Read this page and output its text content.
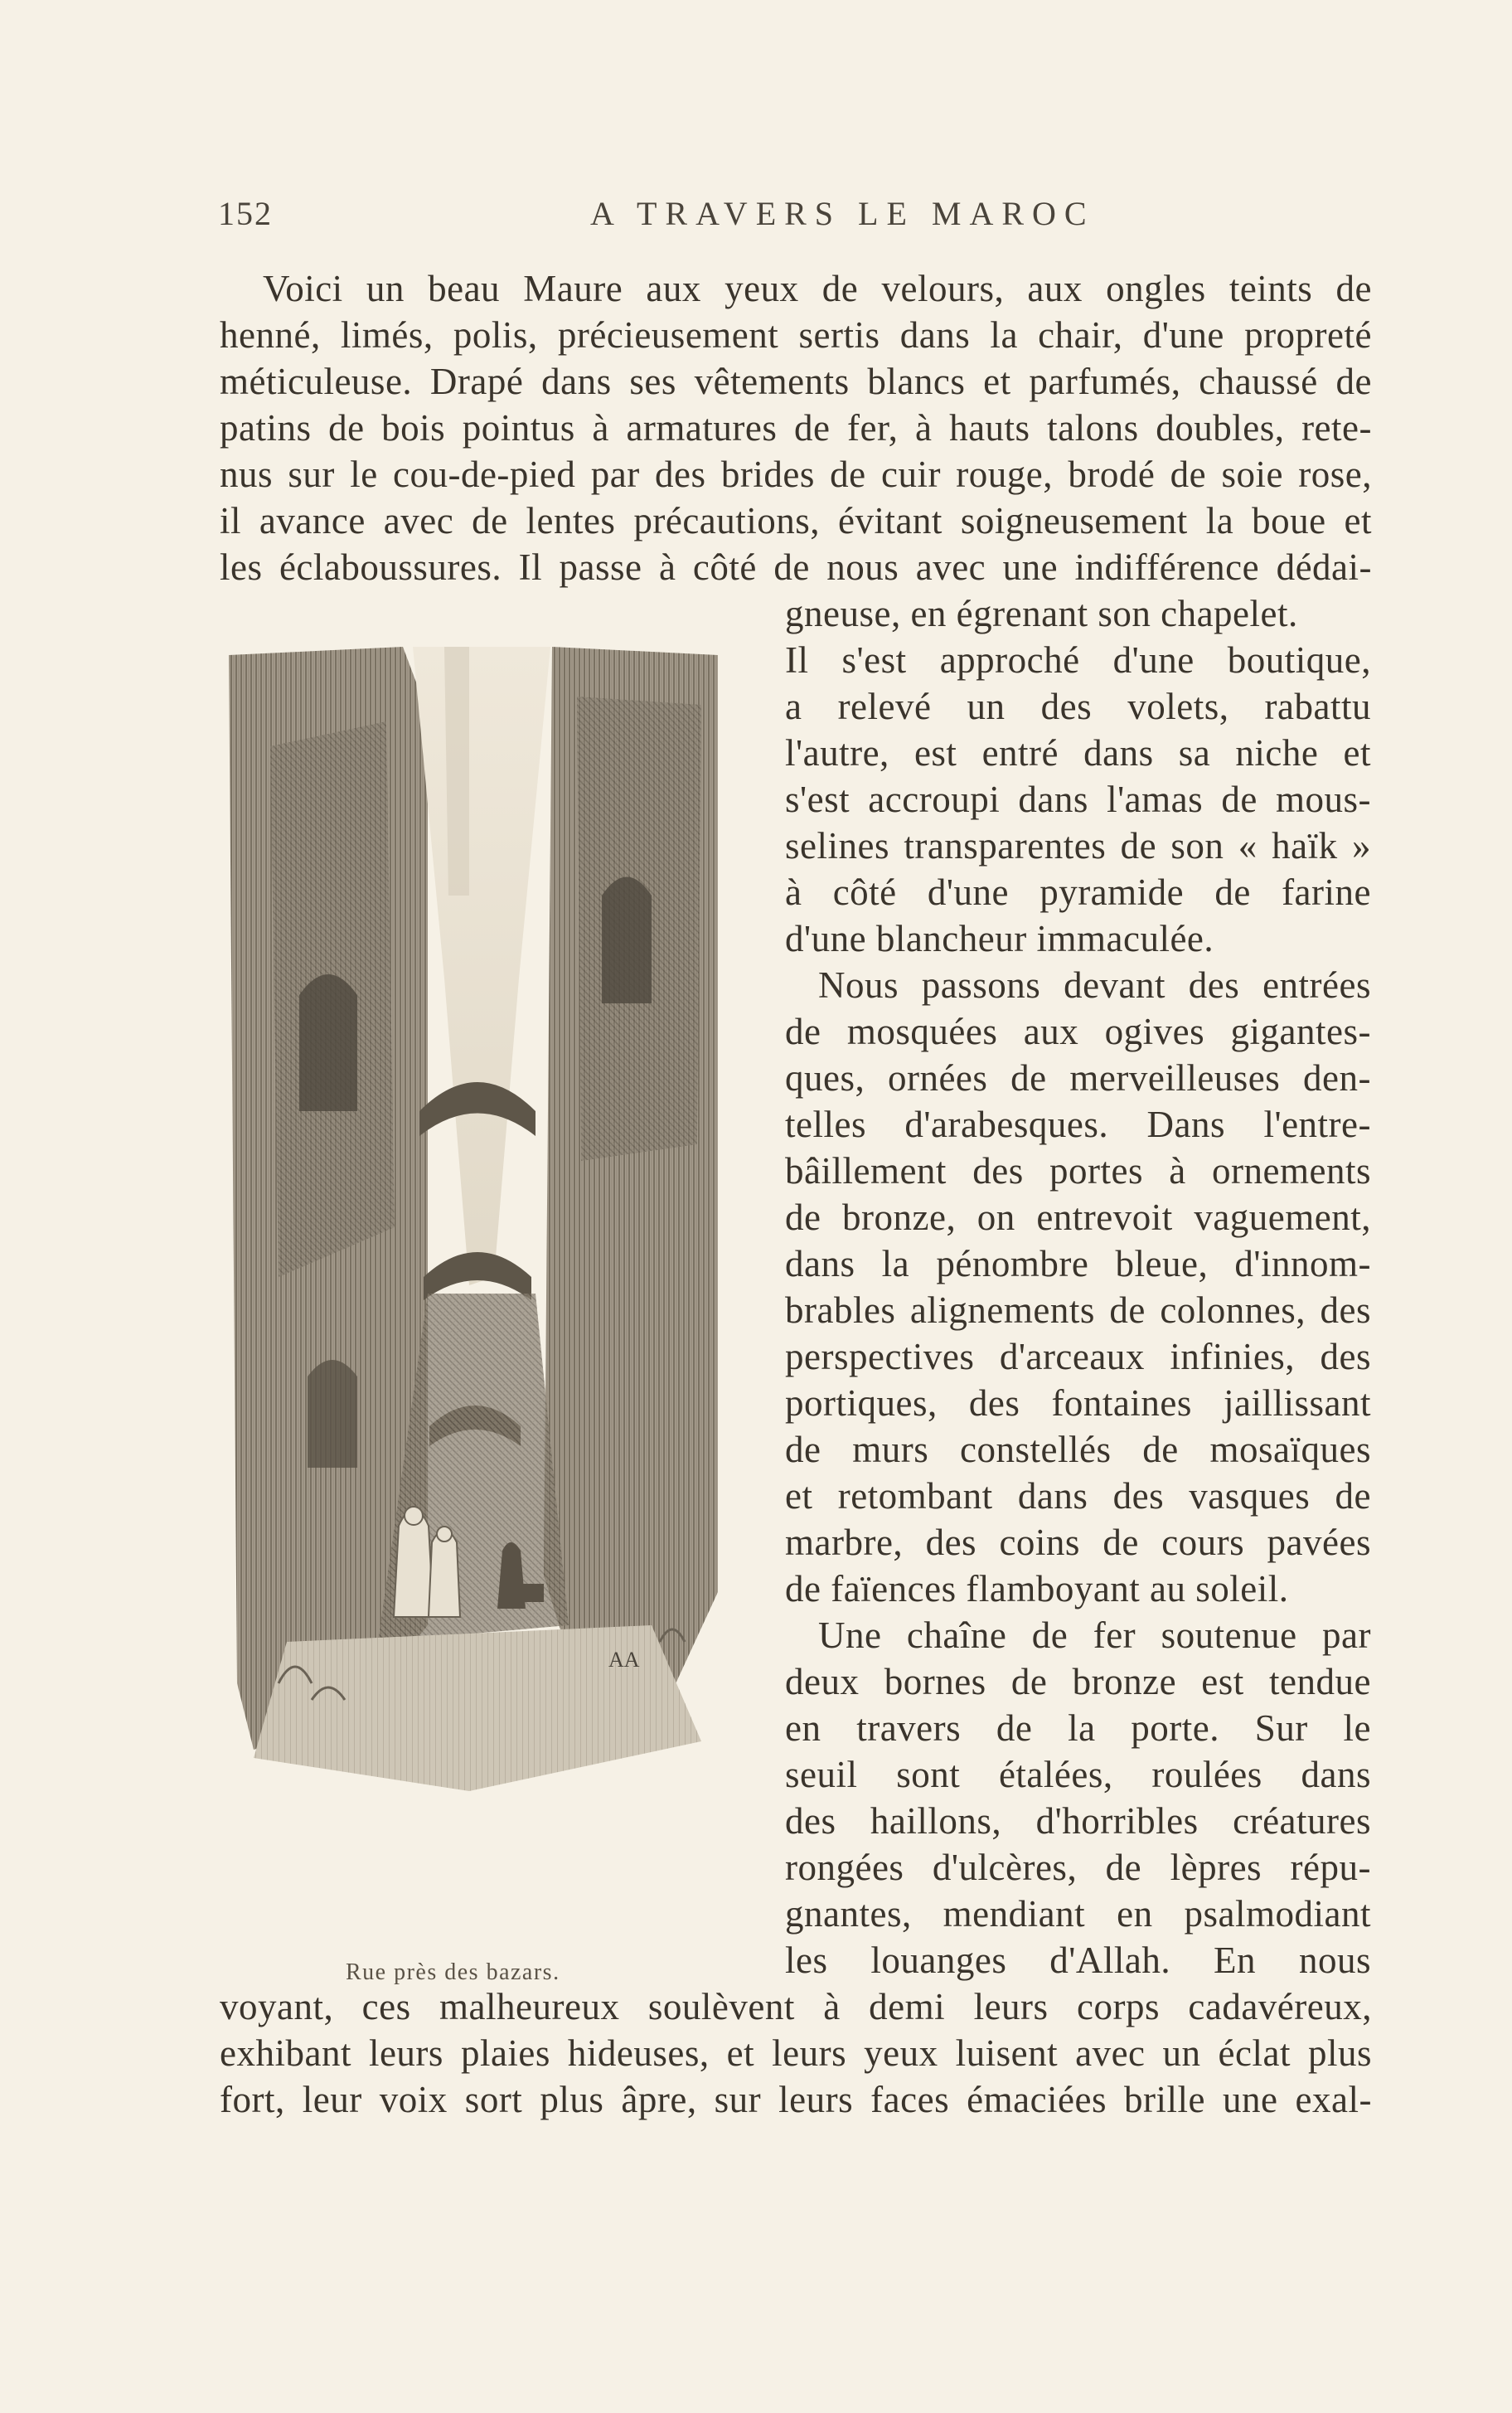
152	A TRAVERS LE MAROC
Voici un beau Maure aux yeux de velours, aux ongles teints de
henné, limés, polis, précieusement sertis dans la chair, d'une propreté
méticuleuse. Drapé dans ses vêtements blancs et parfumés, chaussé de
patins de bois pointus à armatures de fer, à hauts talons doubles, rete-
nus sur le cou-de-pied par des brides de cuir rouge, brodé de soie rose,
il avance avec de lentes précautions, évitant soigneusement la boue et
les éclaboussures. Il passe à côté de nous avec une indifférence dédai-
gneuse, en égrenant son chapelet.
Il s'est approché d'une boutique,
a relevé un des volets, rabattu
l'autre, est entré dans sa niche et
s'est accroupi dans l'amas de mous-
selines transparentes de son « haïk »
à côté d'une pyramide de farine
d'une blancheur immaculée.
Nous passons devant des entrées
de mosquées aux ogives gigantes-
ques, ornées de merveilleuses den-
telles d'arabesques. Dans l'entre-
bâillement des portes à ornements
de bronze, on entrevoit vaguement,
dans la pénombre bleue, d'innom-
brables alignements de colonnes, des
perspectives d'arceaux infinies, des
portiques, des fontaines jaillissant
de murs constellés de mosaïques
et retombant dans des vasques de
marbre, des coins de cours pavées
de faïences flamboyant au soleil.
Une chaîne de fer soutenue par
deux bornes de bronze est tendue
en travers de la porte. Sur le
seuil sont étalées, roulées dans
des haillons, d'horribles créatures
rongées d'ulcères, de lèpres répu-
gnantes, mendiant en psalmodiant
les louanges d'Allah. En nous
voyant, ces malheureux soulèvent à demi leurs corps cadavéreux,
exhibant leurs plaies hideuses, et leurs yeux luisent avec un éclat plus
fort, leur voix sort plus âpre, sur leurs faces émaciées brille une exal-
AA
Rue près des bazars.
